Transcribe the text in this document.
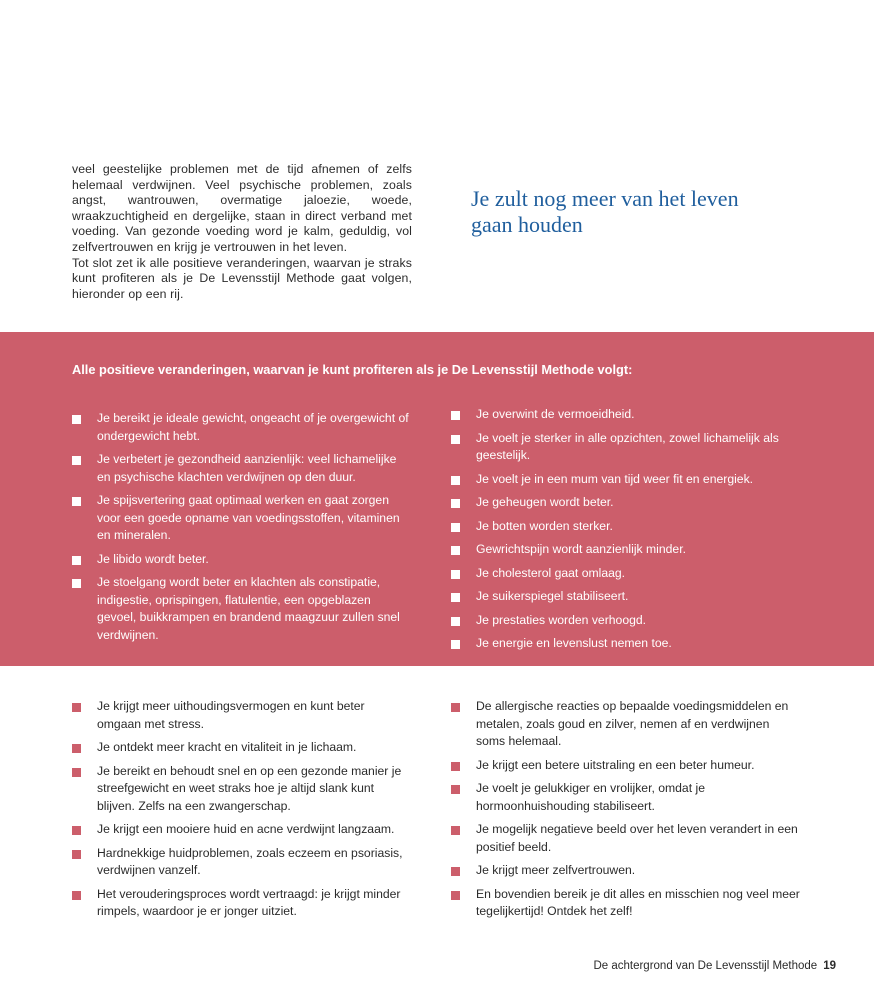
veel geestelijke problemen met de tijd afnemen of zelfs helemaal verdwijnen. Veel psychische problemen, zoals angst, wantrouwen, overmatige jaloezie, woede, wraakzuchtigheid en dergelijke, staan in direct verband met voeding. Van gezonde voeding word je kalm, geduldig, vol zelfvertrouwen en krijg je vertrouwen in het leven.

Tot slot zet ik alle positieve veranderingen, waarvan je straks kunt profiteren als je De Levensstijl Methode gaat volgen, hieronder op een rij.

Je zult nog meer van het leven gaan houden
Alle positieve veranderingen, waarvan je kunt profiteren als je De Levensstijl Methode volgt:
Je bereikt je ideale gewicht, ongeacht of je overgewicht of ondergewicht hebt.
Je verbetert je gezondheid aanzienlijk: veel lichamelijke en psychische klachten verdwijnen op den duur.
Je spijsvertering gaat optimaal werken en gaat zorgen voor een goede opname van voedingsstoffen, vitaminen en mineralen.
Je libido wordt beter.
Je stoelgang wordt beter en klachten als constipatie, indigestie, oprispingen, flatulentie, een opgeblazen gevoel, buikkrampen en brandend maagzuur zullen snel verdwijnen.
Je overwint de vermoeidheid.
Je voelt je sterker in alle opzichten, zowel lichamelijk als geestelijk.
Je voelt je in een mum van tijd weer fit en energiek.
Je geheugen wordt beter.
Je botten worden sterker.
Gewrichtspijn wordt aanzienlijk minder.
Je cholesterol gaat omlaag.
Je suikerspiegel stabiliseert.
Je prestaties worden verhoogd.
Je energie en levenslust nemen toe.
Je krijgt meer uithoudingsvermogen en kunt beter omgaan met stress.
Je ontdekt meer kracht en vitaliteit in je lichaam.
Je bereikt en behoudt snel en op een gezonde manier je streefgewicht en weet straks hoe je altijd slank kunt blijven. Zelfs na een zwangerschap.
Je krijgt een mooiere huid en acne verdwijnt langzaam.
Hardnekkige huidproblemen, zoals eczeem en psoriasis, verdwijnen vanzelf.
Het verouderingsproces wordt vertraagd: je krijgt minder rimpels, waardoor je er jonger uitziet.
De allergische reacties op bepaalde voedingsmiddelen en metalen, zoals goud en zilver, nemen af en verdwijnen soms helemaal.
Je krijgt een betere uitstraling en een beter humeur.
Je voelt je gelukkiger en vrolijker, omdat je hormoonhuishouding stabiliseert.
Je mogelijk negatieve beeld over het leven verandert in een positief beeld.
Je krijgt meer zelfvertrouwen.
En bovendien bereik je dit alles en misschien nog veel meer tegelijkertijd! Ontdek het zelf!
De achtergrond van De Levensstijl Methode 19
